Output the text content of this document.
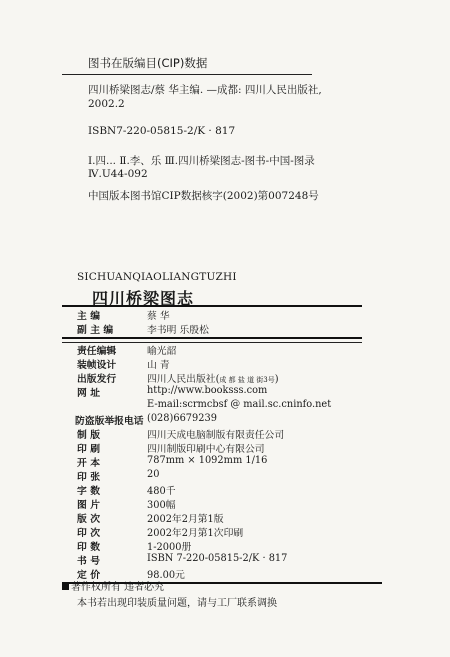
图书在版编目(CIP)数据
四川桥梁图志/蔡 华主编. —成都: 四川人民出版社,
2002.2
ISBN7-220-05815-2/K · 817
Ⅰ.四... Ⅱ.李、乐 Ⅲ.四川桥梁图志-图书-中国-图录
Ⅳ.U44-092
中国版本图书馆CIP数据核字(2002)第007248号
SICHUANQIAOLIANGTUZHI
四川桥梁图志
主 编	蔡 华
副 主 编	李书明 乐殷松
责任编辑	喻光韶
装帧设计	山 青
出版发行	四川人民出版社(成 都 盐 道 街3号)
网 址	http://www.booksss.com
E-mail:scrmcbsf @ mail.sc.cninfo.net
防盗版举报电话 (028)6679239
制 版	四川天成电脑制版有限责任公司
印 刷	四川制版印刷中心有限公司
开 本	787mm × 1092mm 1/16
印 张	20
字 数	480千
图 片	300幅
版 次	2002年2月第1版
印 次	2002年2月第1次印刷
印 数	1-2000册
书 号	ISBN 7-220-05815-2/K · 817
定 价	98.00元
著作权所有 违者必究
本书若出现印装质量问题，请与工厂联系调换
